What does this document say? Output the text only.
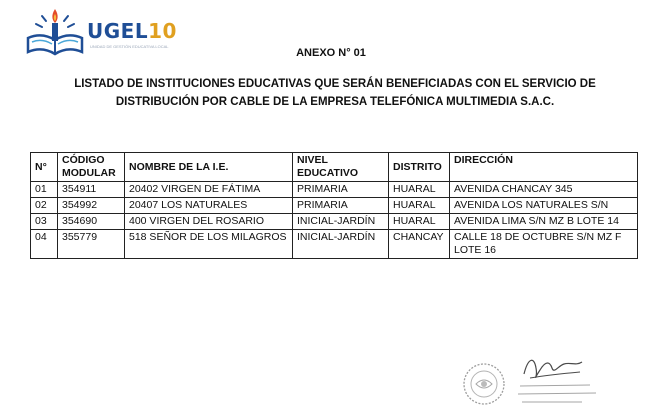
UGEL10
UNIDAD DE GESTIÓN EDUCATIVA LOCAL
ANEXO N° 01
LISTADO DE INSTITUCIONES EDUCATIVAS QUE SERÁN BENEFICIADAS CON EL SERVICIO DE
DISTRIBUCIÓN POR CABLE DE LA EMPRESA TELEFÓNICA MULTIMEDIA S.A.C.
N°	CÓDIGO MODULAR	NOMBRE DE LA I.E.	NIVEL EDUCATIVO	DISTRITO	DIRECCIÓN
01	354911	20402 VIRGEN DE FÁTIMA	PRIMARIA	HUARAL	AVENIDA CHANCAY 345
02	354992	20407 LOS NATURALES	PRIMARIA	HUARAL	AVENIDA LOS NATURALES S/N
03	354690	400 VIRGEN DEL ROSARIO	INICIAL-JARDÍN	HUARAL	AVENIDA LIMA S/N MZ B LOTE 14
04	355779	518 SEÑOR DE LOS MILAGROS	INICIAL-JARDÍN	CHANCAY	CALLE 18 DE OCTUBRE S/N MZ F LOTE 16
